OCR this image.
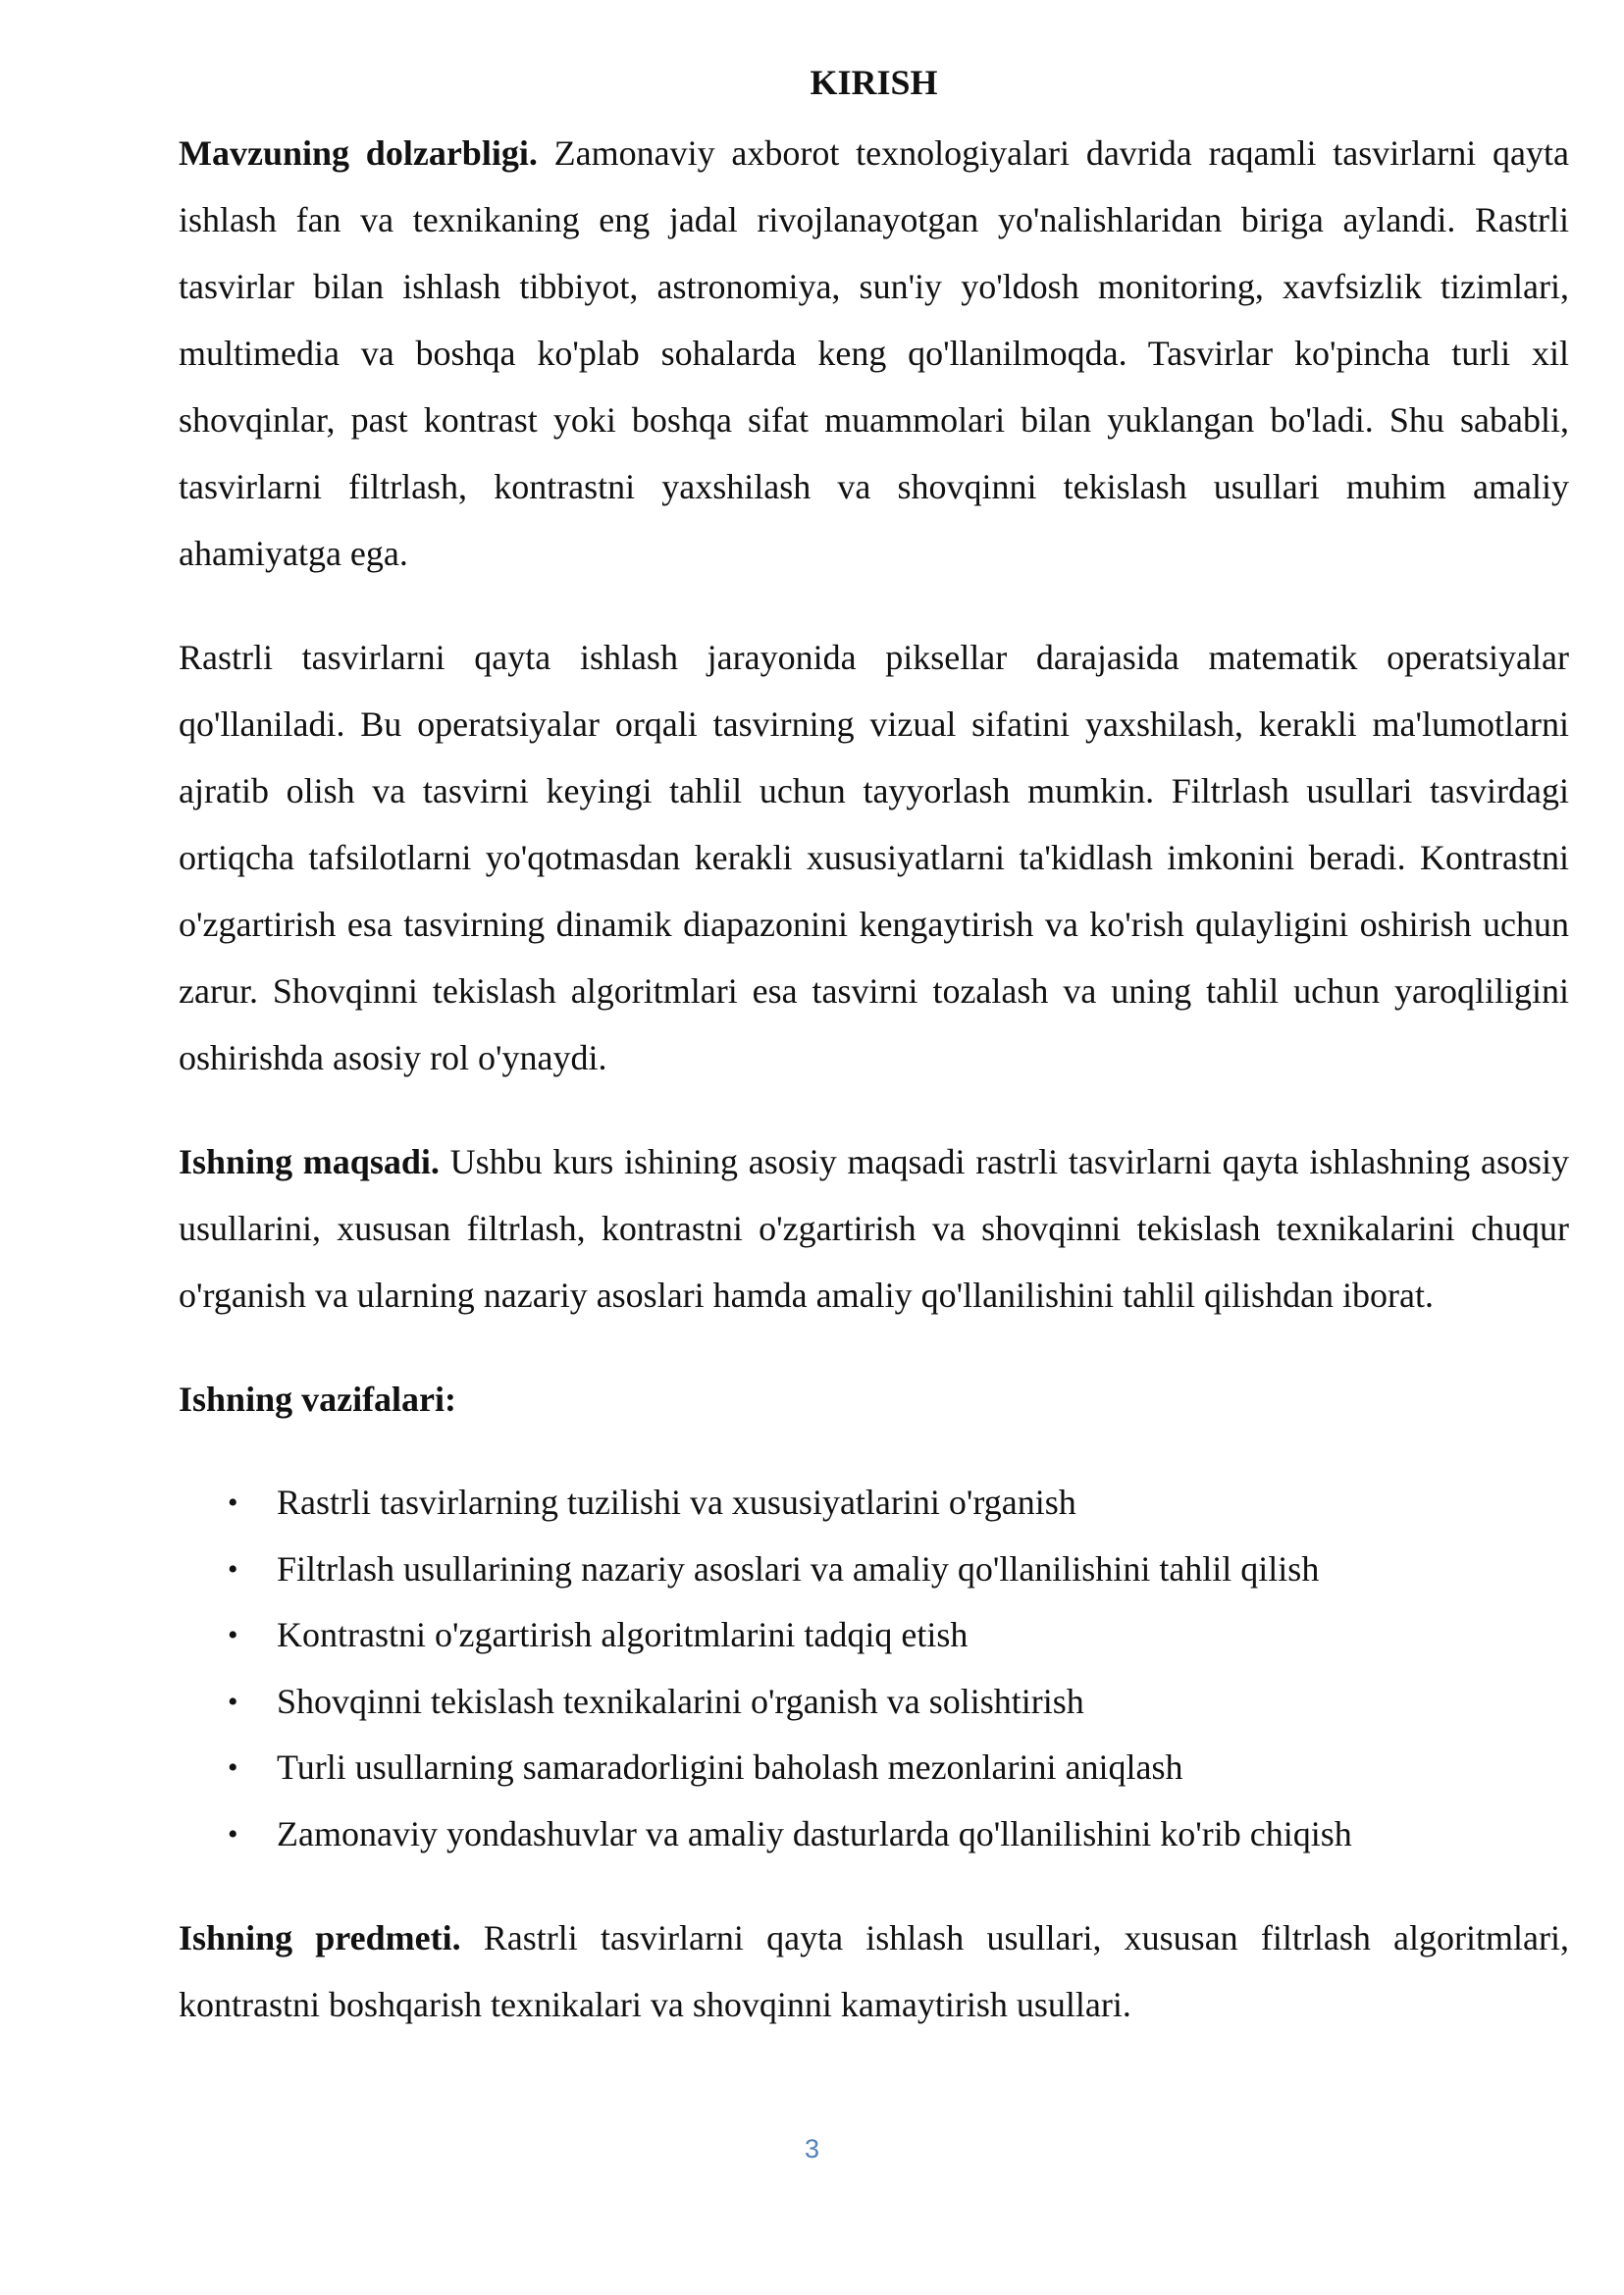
KIRISH

Mavzuning dolzarbligi. Zamonaviy axborot texnologiyalari davrida raqamli tasvirlarni qayta ishlash fan va texnikaning eng jadal rivojlanayotgan yo'nalishlaridan biriga aylandi. Rastrli tasvirlar bilan ishlash tibbiyot, astronomiya, sun'iy yo'ldosh monitoring, xavfsizlik tizimlari, multimedia va boshqa ko'plab sohalarda keng qo'llanilmoqda. Tasvirlar ko'pincha turli xil shovqinlar, past kontrast yoki boshqa sifat muammolari bilan yuklangan bo'ladi. Shu sababli, tasvirlarni filtrlash, kontrastni yaxshilash va shovqinni tekislash usullari muhim amaliy ahamiyatga ega.

Rastrli tasvirlarni qayta ishlash jarayonida piksellar darajasida matematik operatsiyalar qo'llaniladi. Bu operatsiyalar orqali tasvirning vizual sifatini yaxshilash, kerakli ma'lumotlarni ajratib olish va tasvirni keyingi tahlil uchun tayyorlash mumkin. Filtrlash usullari tasvirdagi ortiqcha tafsilotlarni yo'qotmasdan kerakli xususiyatlarni ta'kidlash imkonini beradi. Kontrastni o'zgartirish esa tasvirning dinamik diapazonini kengaytirish va ko'rish qulayligini oshirish uchun zarur. Shovqinni tekislash algoritmlari esa tasvirni tozalash va uning tahlil uchun yaroqliligini oshirishda asosiy rol o'ynaydi.

Ishning maqsadi. Ushbu kurs ishining asosiy maqsadi rastrli tasvirlarni qayta ishlashning asosiy usullarini, xususan filtrlash, kontrastni o'zgartirish va shovqinni tekislash texnikalarini chuqur o'rganish va ularning nazariy asoslari hamda amaliy qo'llanilishini tahlil qilishdan iborat.

Ishning vazifalari:

• Rastrli tasvirlarning tuzilishi va xususiyatlarini o'rganish
• Filtrlash usullarining nazariy asoslari va amaliy qo'llanilishini tahlil qilish
• Kontrastni o'zgartirish algoritmlarini tadqiq etish
• Shovqinni tekislash texnikalarini o'rganish va solishtirish
• Turli usullarning samaradorligini baholash mezonlarini aniqlash
• Zamonaviy yondashuvlar va amaliy dasturlarda qo'llanilishini ko'rib chiqish

Ishning predmeti. Rastrli tasvirlarni qayta ishlash usullari, xususan filtrlash algoritmlari, kontrastni boshqarish texnikalari va shovqinni kamaytirish usullari.

3
